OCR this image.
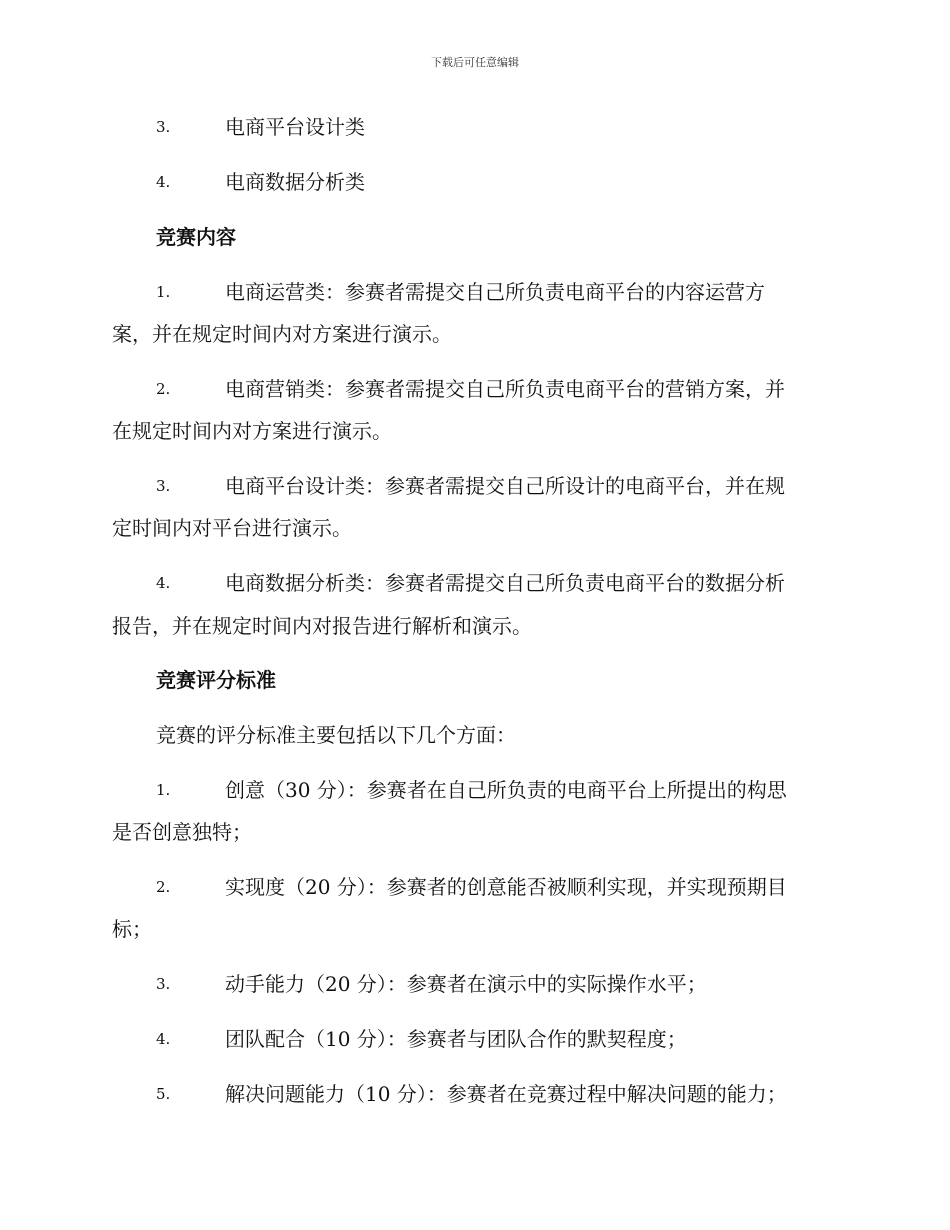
下载后可任意编辑
3.	电商平台设计类
4.	电商数据分析类
竞赛内容
1.	电商运营类：参赛者需提交自己所负责电商平台的内容运营方
案，并在规定时间内对方案进行演示。
2.	电商营销类：参赛者需提交自己所负责电商平台的营销方案，并
在规定时间内对方案进行演示。
3.	电商平台设计类：参赛者需提交自己所设计的电商平台，并在规
定时间内对平台进行演示。
4.	电商数据分析类：参赛者需提交自己所负责电商平台的数据分析
报告，并在规定时间内对报告进行解析和演示。
竞赛评分标准
竞赛的评分标准主要包括以下几个方面：
1.	创意（30 分）：参赛者在自己所负责的电商平台上所提出的构思
是否创意独特；
2.	实现度（20 分）：参赛者的创意能否被顺利实现，并实现预期目
标；
3.	动手能力（20 分）：参赛者在演示中的实际操作水平；
4.	团队配合（10 分）：参赛者与团队合作的默契程度；
5.	解决问题能力（10 分）：参赛者在竞赛过程中解决问题的能力；
